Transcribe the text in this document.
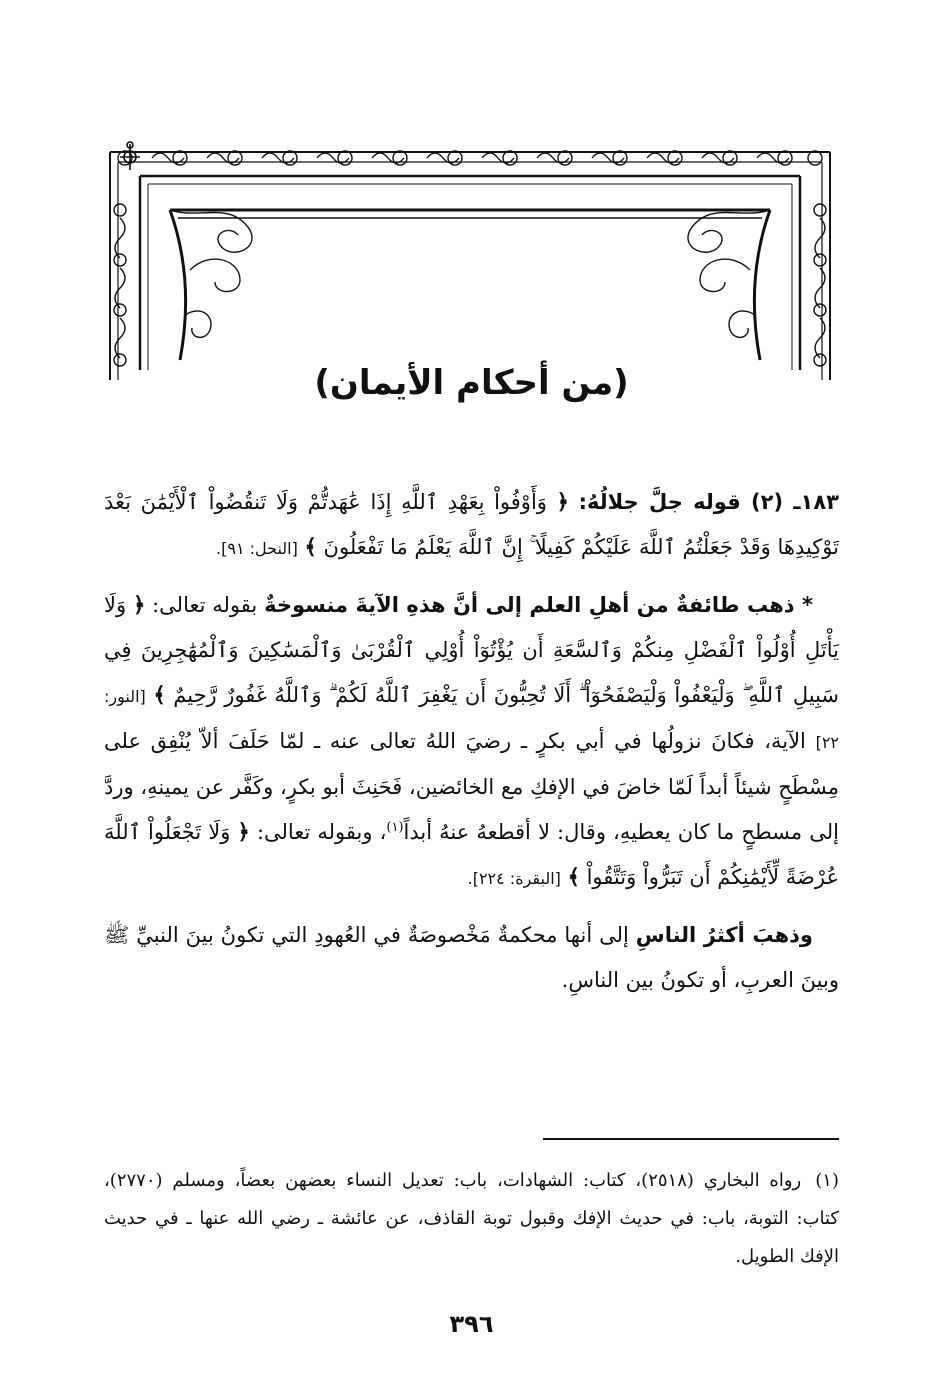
(من أحكام الأيمان)

١٨٣ـ (٢) قوله جلَّ جلالُهُ: ﴿ وَأَوْفُواْ بِعَهْدِ ٱللَّهِ إِذَا عَٰهَدتُّمْ وَلَا تَنقُضُواْ ٱلْأَيْمَٰنَ بَعْدَ تَوْكِيدِهَا وَقَدْ جَعَلْتُمُ ٱللَّهَ عَلَيْكُمْ كَفِيلًا ۚ إِنَّ ٱللَّهَ يَعْلَمُ مَا تَفْعَلُونَ ﴾ [النحل: ٩١].

* ذهب طائفةٌ من أهلِ العلم إلى أنَّ هذهِ الآيةَ منسوخةٌ بقوله تعالى: ﴿ وَلَا يَأْتَلِ أُوْلُواْ ٱلْفَضْلِ مِنكُمْ وَٱلسَّعَةِ أَن يُؤْتُوٓاْ أُوْلِي ٱلْقُرْبَىٰ وَٱلْمَسَٰكِينَ وَٱلْمُهَٰجِرِينَ فِي سَبِيلِ ٱللَّهِ ۖ وَلْيَعْفُواْ وَلْيَصْفَحُوٓاْ ۗ أَلَا تُحِبُّونَ أَن يَغْفِرَ ٱللَّهُ لَكُمْ ۗ وَٱللَّهُ غَفُورٌ رَّحِيمٌ ﴾ [النور: ٢٢] الآية، فكانَ نزولُها في أبي بكرٍ ـ رضيَ اللهُ تعالى عنه ـ لمّا حَلَفَ ألاّ يُنْفِق على مِسْطَحٍ شيئاً أبداً لَمّا خاضَ في الإفكِ مع الخائضين، فَحَنِثَ أبو بكرٍ، وكَفَّر عن يمينهِ، وردَّ إلى مسطحٍ ما كان يعطيهِ، وقال: لا أقطعهُ عنهُ أبداً$^{(١)}$، وبقوله تعالى: ﴿ وَلَا تَجْعَلُواْ ٱللَّهَ عُرْضَةً لِّأَيْمَٰنِكُمْ أَن تَبَرُّواْ وَتَتَّقُواْ ﴾ [البقرة: ٢٢٤].

وذهبَ أكثرُ الناسِ إلى أنها محكمةٌ مَخْصوصَةٌ في العُهودِ التي تكونُ بينَ النبيِّ ﷺ وبينَ العربِ، أو تكونُ بين الناسِ.

(١)رواه البخاري (٢٥١٨)، كتاب: الشهادات، باب: تعديل النساء بعضهن بعضاً، ومسلم (٢٧٧٠)، كتاب: التوبة، باب: في حديث الإفك وقبول توبة القاذف، عن عائشة ـ رضي الله عنها ـ في حديث الإفك الطويل.
٣٩٦
